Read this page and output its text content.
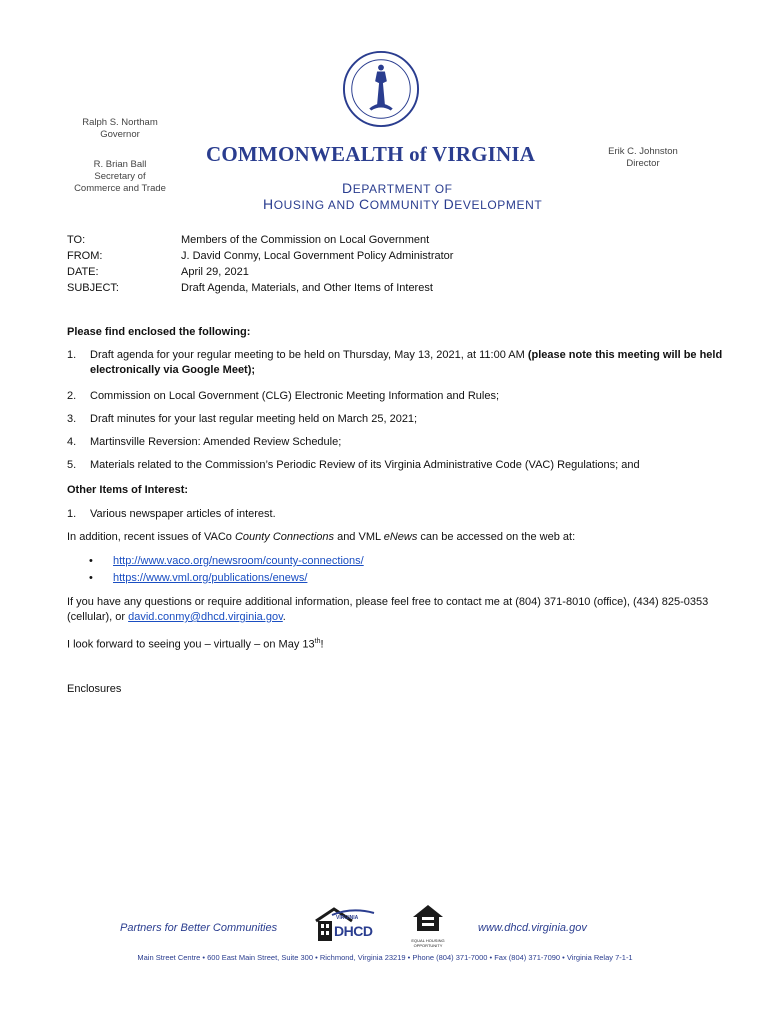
Ralph S. Northam
Governor
R. Brian Ball
Secretary of
Commerce and Trade
Erik C. Johnston
Director
COMMONWEALTH of VIRGINIA
DEPARTMENT OF
HOUSING AND COMMUNITY DEVELOPMENT
TO:	Members of the Commission on Local Government
FROM:	J. David Conmy, Local Government Policy Administrator
DATE:	April 29, 2021
SUBJECT:	Draft Agenda, Materials, and Other Items of Interest

Please find enclosed the following:

1.	Draft agenda for your regular meeting to be held on Thursday, May 13, 2021, at 11:00 AM (please note this meeting will be held electronically via Google Meet);
2.	Commission on Local Government (CLG) Electronic Meeting Information and Rules;
3.	Draft minutes for your last regular meeting held on March 25, 2021;
4.	Martinsville Reversion: Amended Review Schedule;
5.	Materials related to the Commission’s Periodic Review of its Virginia Administrative Code (VAC) Regulations; and

Other Items of Interest:

1.	Various newspaper articles of interest.

In addition, recent issues of VACo County Connections and VML eNews can be accessed on the web at:

•	http://www.vaco.org/newsroom/county-connections/
•	https://www.vml.org/publications/enews/

If you have any questions or require additional information, please feel free to contact me at (804) 371-8010 (office), (434) 825-0353 (cellular), or david.conmy@dhcd.virginia.gov.

I look forward to seeing you – virtually – on May 13th!

Enclosures

Partners for Better Communities
VIRGINIA
DHCD
EQUAL HOUSING
OPPORTUNITY
www.dhcd.virginia.gov
Main Street Centre • 600 East Main Street, Suite 300 • Richmond, Virginia 23219 • Phone (804) 371-7000 • Fax (804) 371-7090 • Virginia Relay 7-1-1
